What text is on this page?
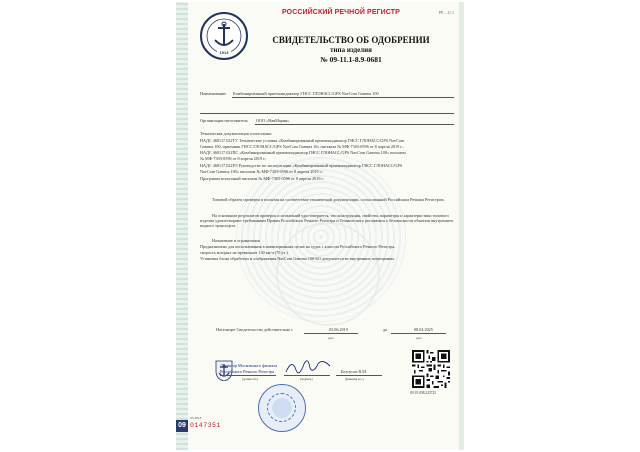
1913
РОССИЙСКИЙ РЕЧНОЙ РЕГИСТР	РР—11.1
СВИДЕТЕЛЬСТВО ОБ ОДОБРЕНИИ
типа изделия
№ 09-11.1-8.9-0681
Наименование Комбинированный приемоиндикатор ГНСС ГЛОНАСС/GPS NavCom Gamma 100
Организация-изготовитель ООО «НавМарин»
Техническая документация согласована:
НАДС 468117.022ТУ Технические условия «Комбинированный приемоиндикатор ГНСС ГЛОНАСС/GPS NavCom
Gamma 100, приемник ГНСС ГЛОНАСС/GPS NavCom Gamma 10» письмом № МФ-7303-0596 от 8 апреля 2019 г.;
НАДС 468117.022ПС «Комбинированный приемоиндикатор ГНСС ГЛОНАСС/GPS NavCom Gamma 100» письмом
№ МФ-7303-0596 от 8 апреля 2019 г.;
НАДС 468117.022РЭ Руководство по эксплуатации «Комбинированный приемоиндикатор ГНСС ГЛОНАСС/GPS
NavCom Gamma 100» письмом № МФ-7303-0596 от 8 апреля 2019 г.;
Программа испытаний письмом № МФ-7303-0596 от 8 апреля 2019 г.
Типовой образец проверен и испытан на соответствие технической документации, согласованной Российским Речным Регистром.
На основании результатов проверок и испытаний удостоверяется, что конструкция, свойства, параметры и характеристики типового изделия удовлетворяют требованиям Правил Российского Речного Регистра и Технического регламента о безопасности объектов внутреннего водного транспорта.
Назначение и ограничения
Предназначено для использования в навигационных целях на судах с классом Российского Речного Регистра,
скорость которых не превышает 130 км/ч (70 уз.)
Установка блока обработки и отображения NavCom Gamma 100-БО допускается во внутренних помещениях.
Настоящее Свидетельство действительно с	03.06.2019
дата
до	08.04.2025
дата
Директор Московского филиала
Российского Речного Регистра
(должность)	(подпись)
Белоусов В.М.
(фамилия и.о.)
09.19.038.223725
03.2018
09 0147351
